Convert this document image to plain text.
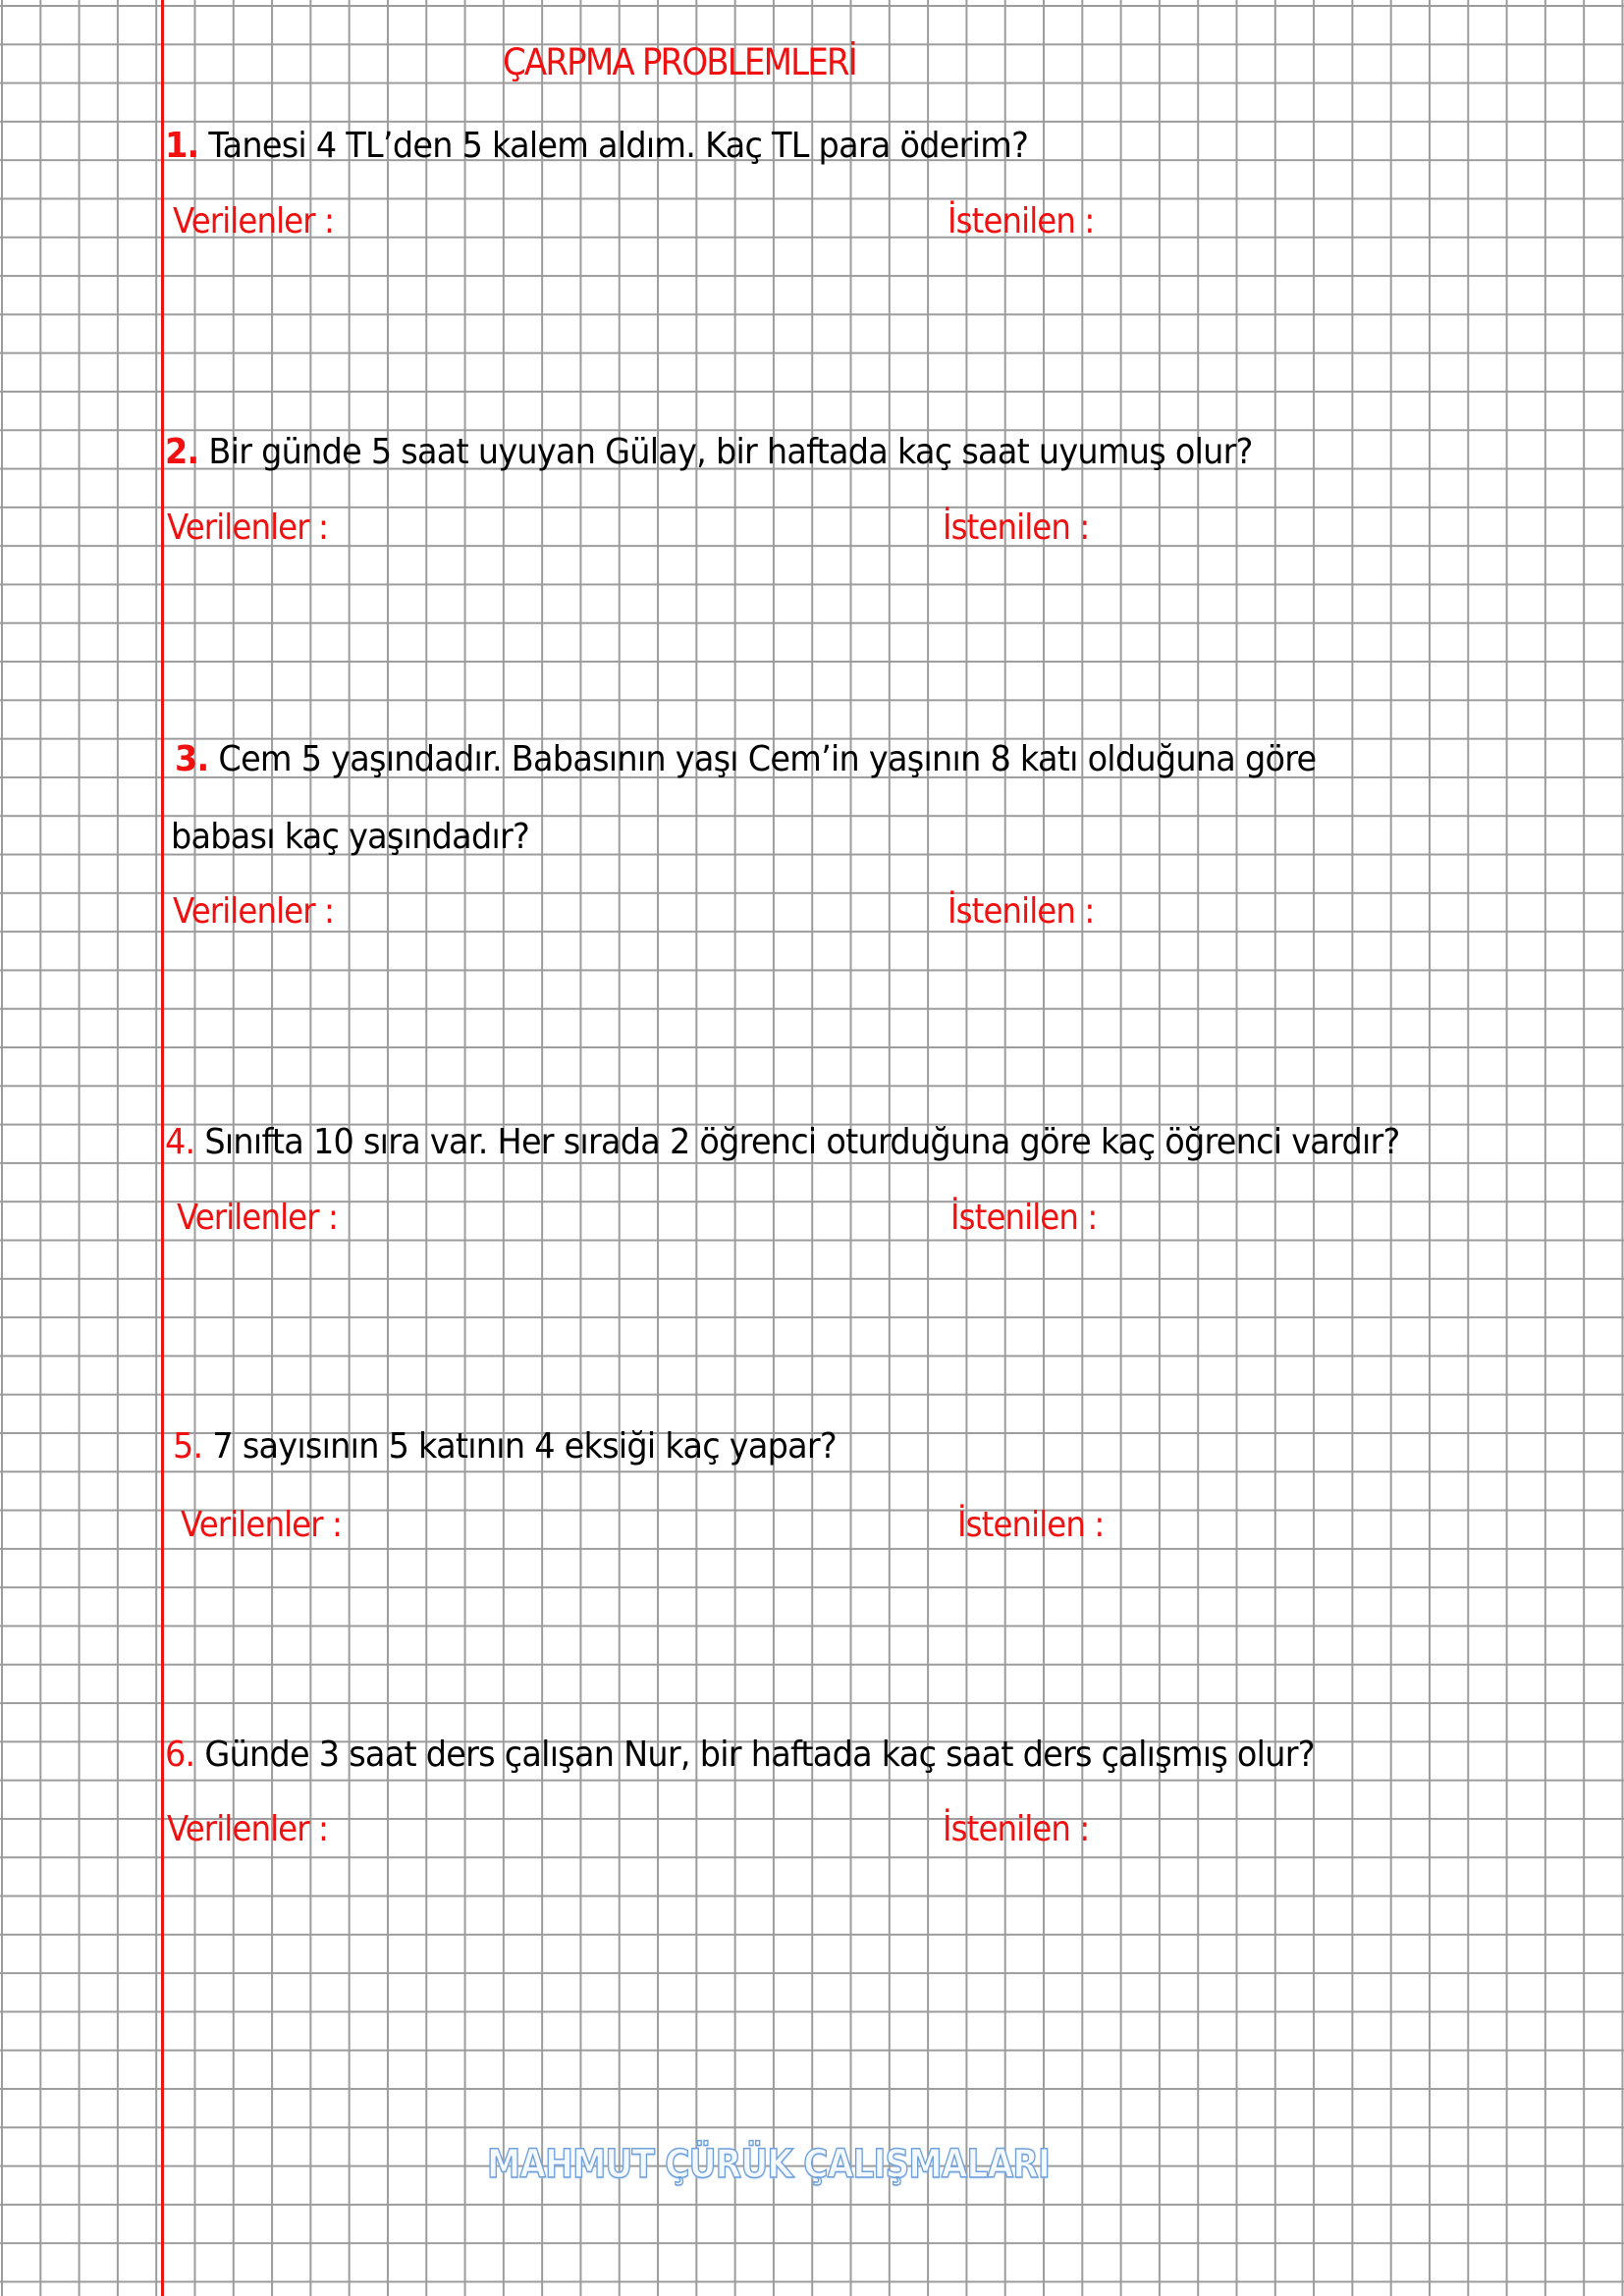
ÇARPMA PROBLEMLERİ
1. Tanesi 4 TL’den 5 kalem aldım. Kaç TL para öderim?
Verilenler :	İstenilen :
2. Bir günde 5 saat uyuyan Gülay, bir haftada kaç saat uyumuş olur?
Verilenler :	İstenilen :
3. Cem 5 yaşındadır. Babasının yaşı Cem’in yaşının 8 katı olduğuna göre
babası kaç yaşındadır?
Verilenler :	İstenilen :
4. Sınıfta 10 sıra var. Her sırada 2 öğrenci oturduğuna göre kaç öğrenci vardır?
Verilenler :	İstenilen :
5. 7 sayısının 5 katının 4 eksiği kaç yapar?
Verilenler :	İstenilen :
6. Günde 3 saat ders çalışan Nur, bir haftada kaç saat ders çalışmış olur?
Verilenler :	İstenilen :
MAHMUT ÇÜRÜK ÇALIŞMALARI
